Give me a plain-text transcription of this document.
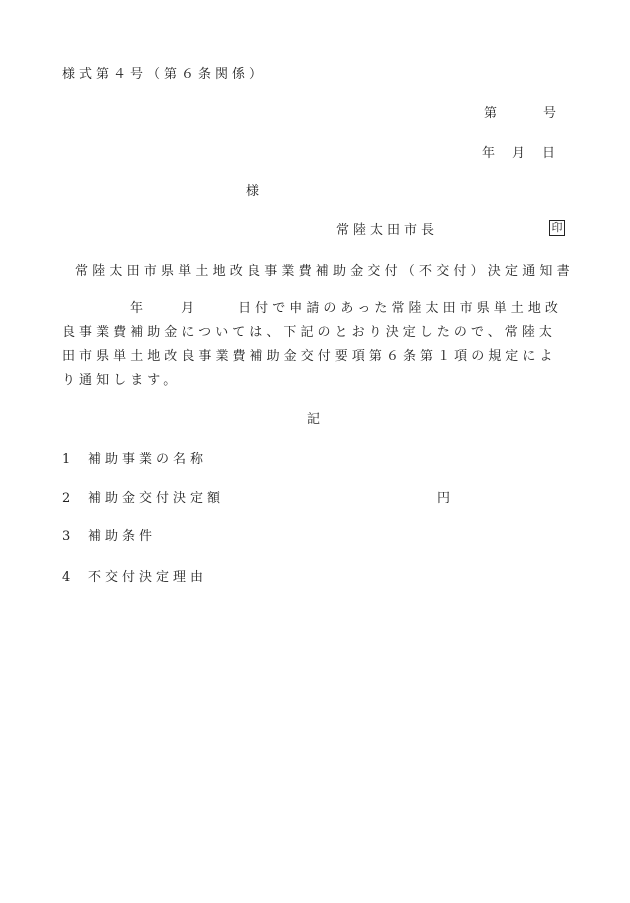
様式第４号（第６条関係）
第	号
年 月 日
様
常陸太田市長	印
常陸太田市県単土地改良事業費補助金交付（不交付）決定通知書
年	月	日付で申請のあった常陸太田市県単土地改良事業費補助金については、下記のとおり決定したので、常陸太田市県単土地改良事業費補助金交付要項第６条第１項の規定により通知します。
記
1 補助事業の名称
2 補助金交付決定額	円
3 補助条件
4 不交付決定理由
